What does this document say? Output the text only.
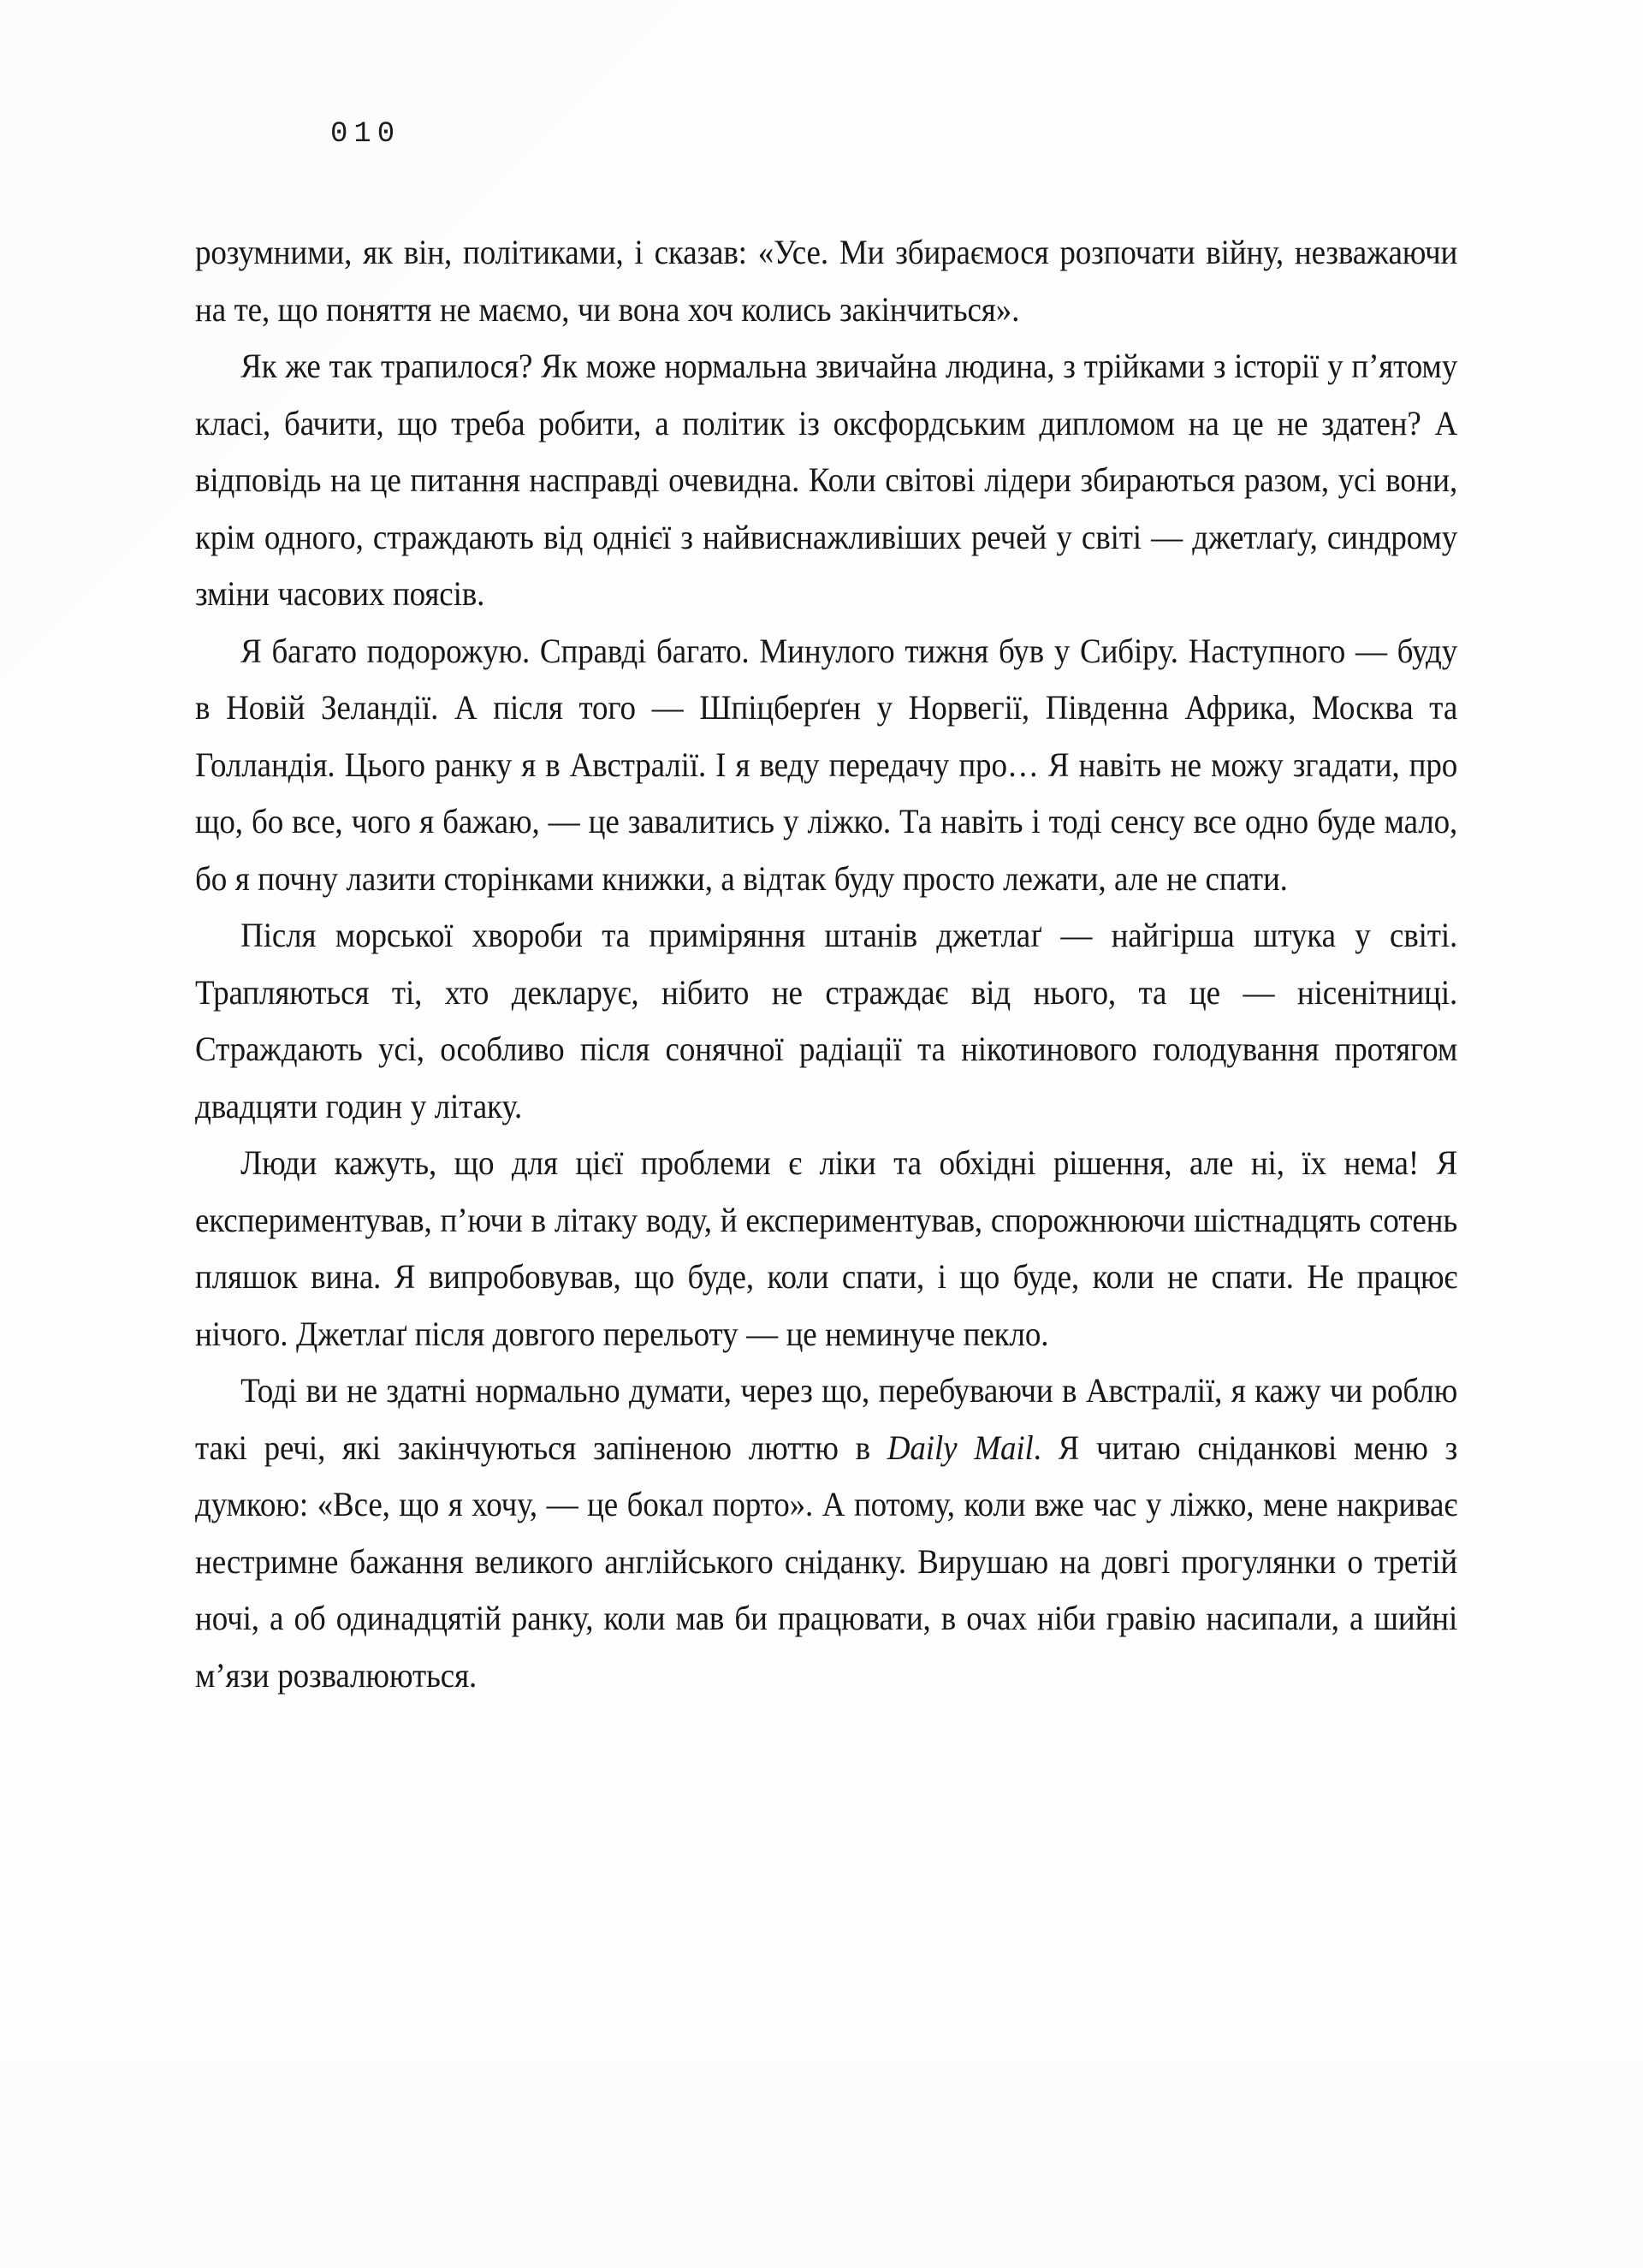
010

розумними, як він, політиками, і сказав: «Усе. Ми збираємося розпочати війну, незважаючи на те, що поняття не маємо, чи вона хоч колись закінчиться».

Як же так трапилося? Як може нормальна звичайна людина, з трійками з історії у п’ятому класі, бачити, що треба робити, а політик із оксфордським дипломом на це не здатен? А відповідь на це питання насправді очевидна. Коли світові лідери збираються разом, усі вони, крім одного, страждають від однієї з найвиснажливіших речей у світі — джетлаґу, синдрому зміни часових поясів.

Я багато подорожую. Справді багато. Минулого тижня був у Сибіру. Наступного — буду в Новій Зеландії. А після того — Шпіцберґен у Норвегії, Південна Африка, Москва та Голландія. Цього ранку я в Австралії. І я веду передачу про… Я навіть не можу згадати, про що, бо все, чого я бажаю, — це завалитись у ліжко. Та навіть і тоді сенсу все одно буде мало, бо я почну лазити сторінками книжки, а відтак буду просто лежати, але не спати.

Після морської хвороби та приміряння штанів джетлаґ — найгірша штука у світі. Трапляються ті, хто декларує, нібито не страждає від нього, та це — нісенітниці. Страждають усі, особливо після сонячної радіації та нікотинового голодування протягом двадцяти годин у літаку.

Люди кажуть, що для цієї проблеми є ліки та обхідні рішення, але ні, їх нема! Я експериментував, п’ючи в літаку воду, й експериментував, спорожнюючи шістнадцять сотень пляшок вина. Я випробовував, що буде, коли спати, і що буде, коли не спати. Не працює нічого. Джетлаґ після довгого перельоту — це неминуче пекло.

Тоді ви не здатні нормально думати, через що, перебуваючи в Австралії, я кажу чи роблю такі речі, які закінчуються запіненою люттю в Daily Mail. Я читаю сніданкові меню з думкою: «Все, що я хочу, — це бокал порто». А потому, коли вже час у ліжко, мене накриває нестримне бажання великого англійського сніданку. Вирушаю на довгі прогулянки о третій ночі, а об одинадцятій ранку, коли мав би працювати, в очах ніби гравію насипали, а шийні м’язи розвалюються.
